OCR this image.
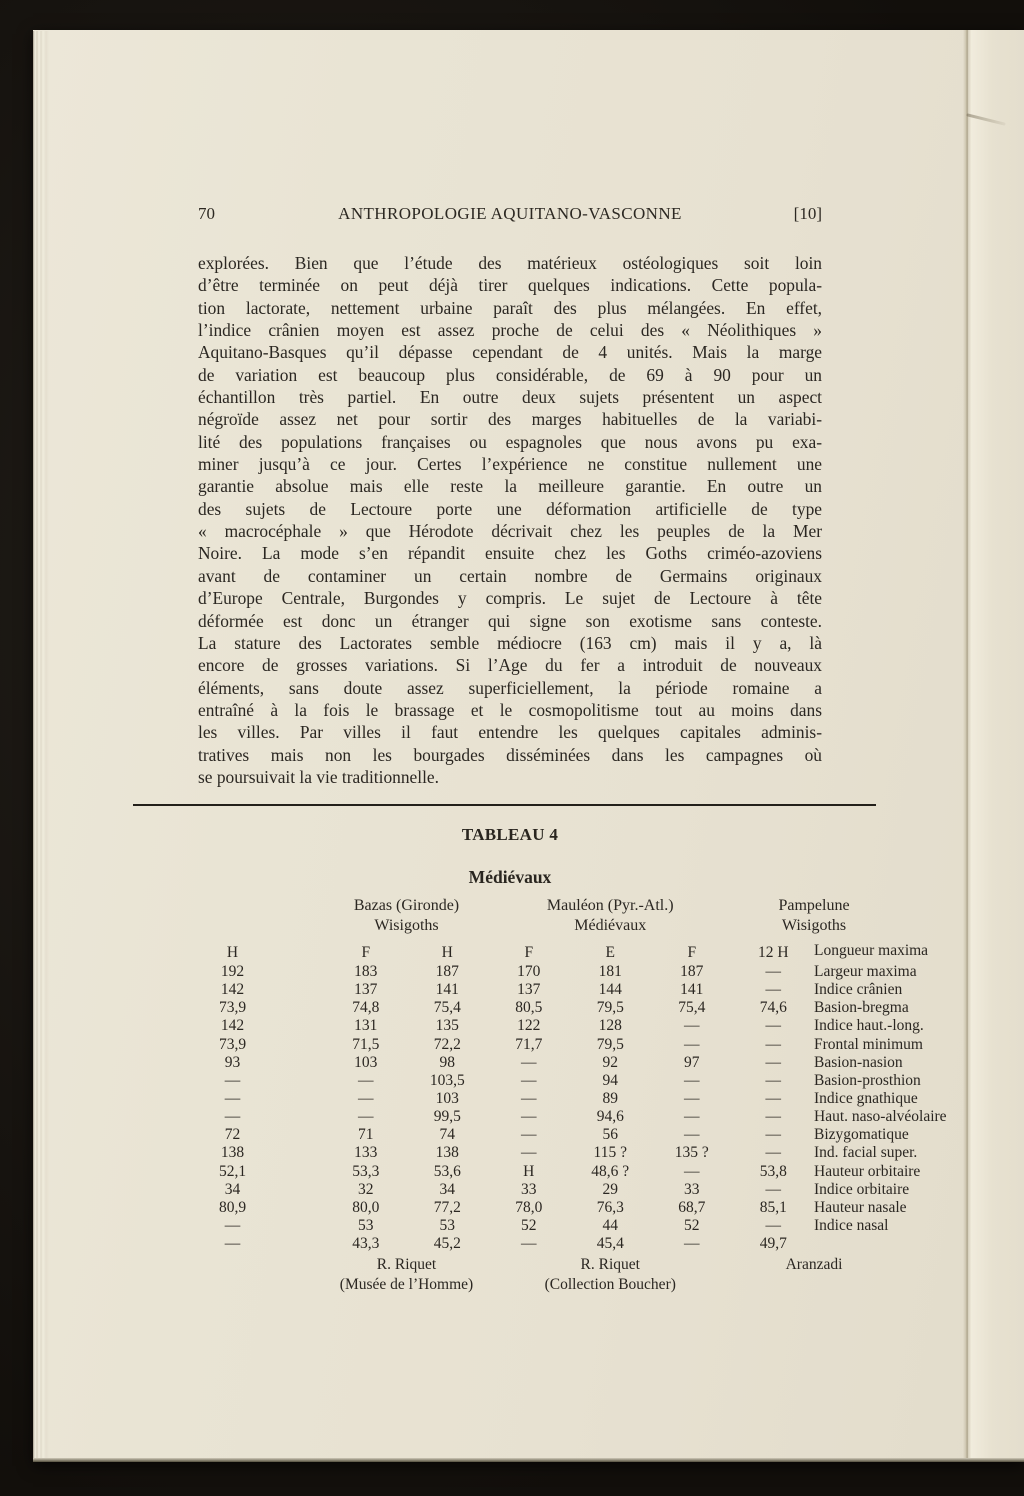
70	ANTHROPOLOGIE AQUITANO-VASCONNE	[10]
explorées. Bien que l’étude des matérieux ostéologiques soit loin
d’être terminée on peut déjà tirer quelques indications. Cette popula-
tion lactorate, nettement urbaine paraît des plus mélangées. En effet,
l’indice crânien moyen est assez proche de celui des « Néolithiques »
Aquitano-Basques qu’il dépasse cependant de 4 unités. Mais la marge
de variation est beaucoup plus considérable, de 69 à 90 pour un
échantillon très partiel. En outre deux sujets présentent un aspect
négroïde assez net pour sortir des marges habituelles de la variabi-
lité des populations françaises ou espagnoles que nous avons pu exa-
miner jusqu’à ce jour. Certes l’expérience ne constitue nullement une
garantie absolue mais elle reste la meilleure garantie. En outre un
des sujets de Lectoure porte une déformation artificielle de type
« macrocéphale » que Hérodote décrivait chez les peuples de la Mer
Noire. La mode s’en répandit ensuite chez les Goths criméo-azoviens
avant de contaminer un certain nombre de Germains originaux
d’Europe Centrale, Burgondes y compris. Le sujet de Lectoure à tête
déformée est donc un étranger qui signe son exotisme sans conteste.
La stature des Lactorates semble médiocre (163 cm) mais il y a, là
encore de grosses variations. Si l’Age du fer a introduit de nouveaux
éléments, sans doute assez superficiellement, la période romaine a
entraîné à la fois le brassage et le cosmopolitisme tout au moins dans
les villes. Par villes il faut entendre les quelques capitales adminis-
tratives mais non les bourgades disséminées dans les campagnes où
se poursuivait la vie traditionnelle.
TABLEAU 4
Médiévaux
Bazas (Gironde)
Wisigoths
Mauléon (Pyr.-Atl.)
Médiévaux
Pampelune
Wisigoths
H	F	H	F	E	F	12 H	Longueur maxima
192	183	187	170	181	187	—	Largeur maxima
142	137	141	137	144	141	—	Indice crânien
73,9	74,8	75,4	80,5	79,5	75,4	74,6	Basion-bregma
142	131	135	122	128	—	—	Indice haut.-long.
73,9	71,5	72,2	71,7	79,5	—	—	Frontal minimum
93	103	98	—	92	97	—	Basion-nasion
—	—	103,5	—	94	—	—	Basion-prosthion
—	—	103	—	89	—	—	Indice gnathique
—	—	99,5	—	94,6	—	—	Haut. naso-alvéolaire
72	71	74	—	56	—	—	Bizygomatique
138	133	138	—	115 ?	135 ?	—	Ind. facial super.
52,1	53,3	53,6	H	48,6 ?	—	53,8	Hauteur orbitaire
34	32	34	33	29	33	—	Indice orbitaire
80,9	80,0	77,2	78,0	76,3	68,7	85,1	Hauteur nasale
—	53	53	52	44	52	—	Indice nasal
—	43,3	45,2	—	45,4	—	49,7
R. Riquet
(Musée de l’Homme)
R. Riquet
(Collection Boucher)
Aranzadi
